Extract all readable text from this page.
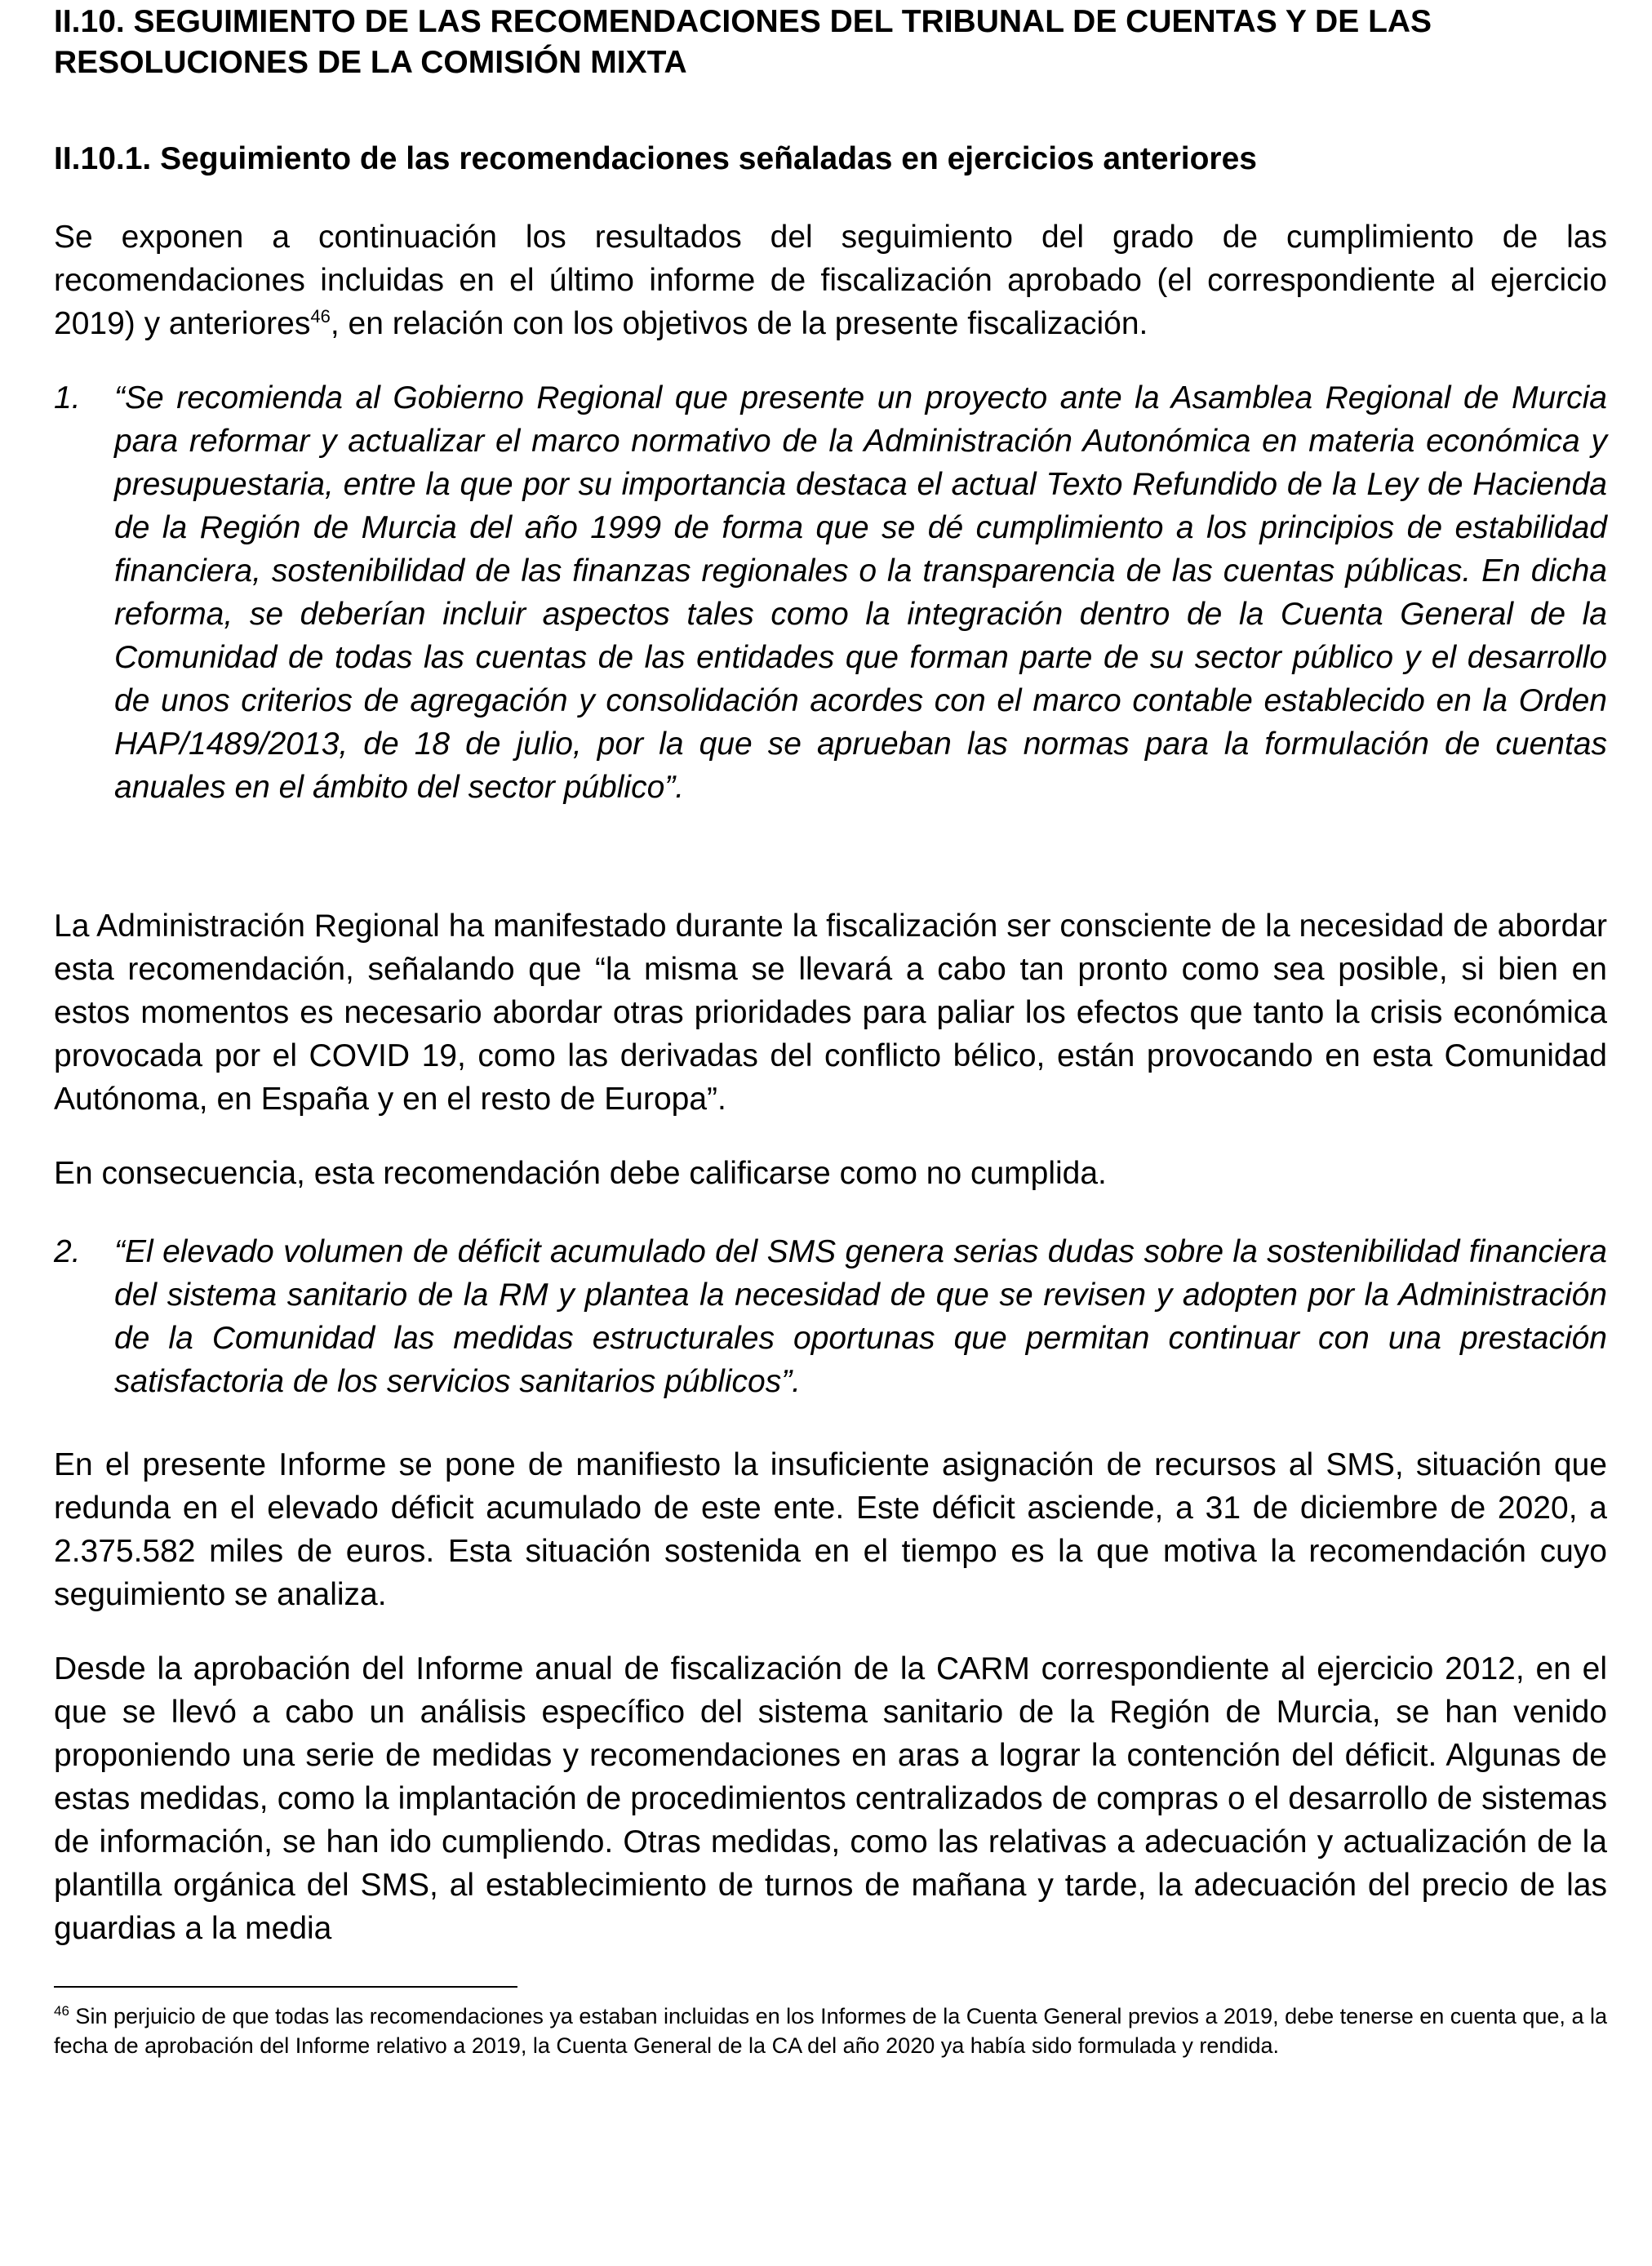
II.10. SEGUIMIENTO DE LAS RECOMENDACIONES DEL TRIBUNAL DE CUENTAS Y DE LAS RESOLUCIONES DE LA COMISIÓN MIXTA
II.10.1. Seguimiento de las recomendaciones señaladas en ejercicios anteriores

Se exponen a continuación los resultados del seguimiento del grado de cumplimiento de las recomendaciones incluidas en el último informe de fiscalización aprobado (el correspondiente al ejercicio 2019) y anteriores$^{46}$, en relación con los objetivos de la presente fiscalización.

1.	“Se recomienda al Gobierno Regional que presente un proyecto ante la Asamblea Regional de Murcia para reformar y actualizar el marco normativo de la Administración Autonómica en materia económica y presupuestaria, entre la que por su importancia destaca el actual Texto Refundido de la Ley de Hacienda de la Región de Murcia del año 1999 de forma que se dé cumplimiento a los principios de estabilidad financiera, sostenibilidad de las finanzas regionales o la transparencia de las cuentas públicas. En dicha reforma, se deberían incluir aspectos tales como la integración dentro de la Cuenta General de la Comunidad de todas las cuentas de las entidades que forman parte de su sector público y el desarrollo de unos criterios de agregación y consolidación acordes con el marco contable establecido en la Orden HAP/1489/2013, de 18 de julio, por la que se aprueban las normas para la formulación de cuentas anuales en el ámbito del sector público”.

La Administración Regional ha manifestado durante la fiscalización ser consciente de la necesidad de abordar esta recomendación, señalando que “la misma se llevará a cabo tan pronto como sea posible, si bien en estos momentos es necesario abordar otras prioridades para paliar los efectos que tanto la crisis económica provocada por el COVID 19, como las derivadas del conflicto bélico, están provocando en esta Comunidad Autónoma, en España y en el resto de Europa”.

En consecuencia, esta recomendación debe calificarse como no cumplida.

2.	“El elevado volumen de déficit acumulado del SMS genera serias dudas sobre la sostenibilidad financiera del sistema sanitario de la RM y plantea la necesidad de que se revisen y adopten por la Administración de la Comunidad las medidas estructurales oportunas que permitan continuar con una prestación satisfactoria de los servicios sanitarios públicos”.

En el presente Informe se pone de manifiesto la insuficiente asignación de recursos al SMS, situación que redunda en el elevado déficit acumulado de este ente. Este déficit asciende, a 31 de diciembre de 2020, a 2.375.582 miles de euros. Esta situación sostenida en el tiempo es la que motiva la recomendación cuyo seguimiento se analiza.

Desde la aprobación del Informe anual de fiscalización de la CARM correspondiente al ejercicio 2012, en el que se llevó a cabo un análisis específico del sistema sanitario de la Región de Murcia, se han venido proponiendo una serie de medidas y recomendaciones en aras a lograr la contención del déficit. Algunas de estas medidas, como la implantación de procedimientos centralizados de compras o el desarrollo de sistemas de información, se han ido cumpliendo. Otras medidas, como las relativas a adecuación y actualización de la plantilla orgánica del SMS, al establecimiento de turnos de mañana y tarde, la adecuación del precio de las guardias a la media

$^{46}$ Sin perjuicio de que todas las recomendaciones ya estaban incluidas en los Informes de la Cuenta General previos a 2019, debe tenerse en cuenta que, a la fecha de aprobación del Informe relativo a 2019, la Cuenta General de la CA del año 2020 ya había sido formulada y rendida.
